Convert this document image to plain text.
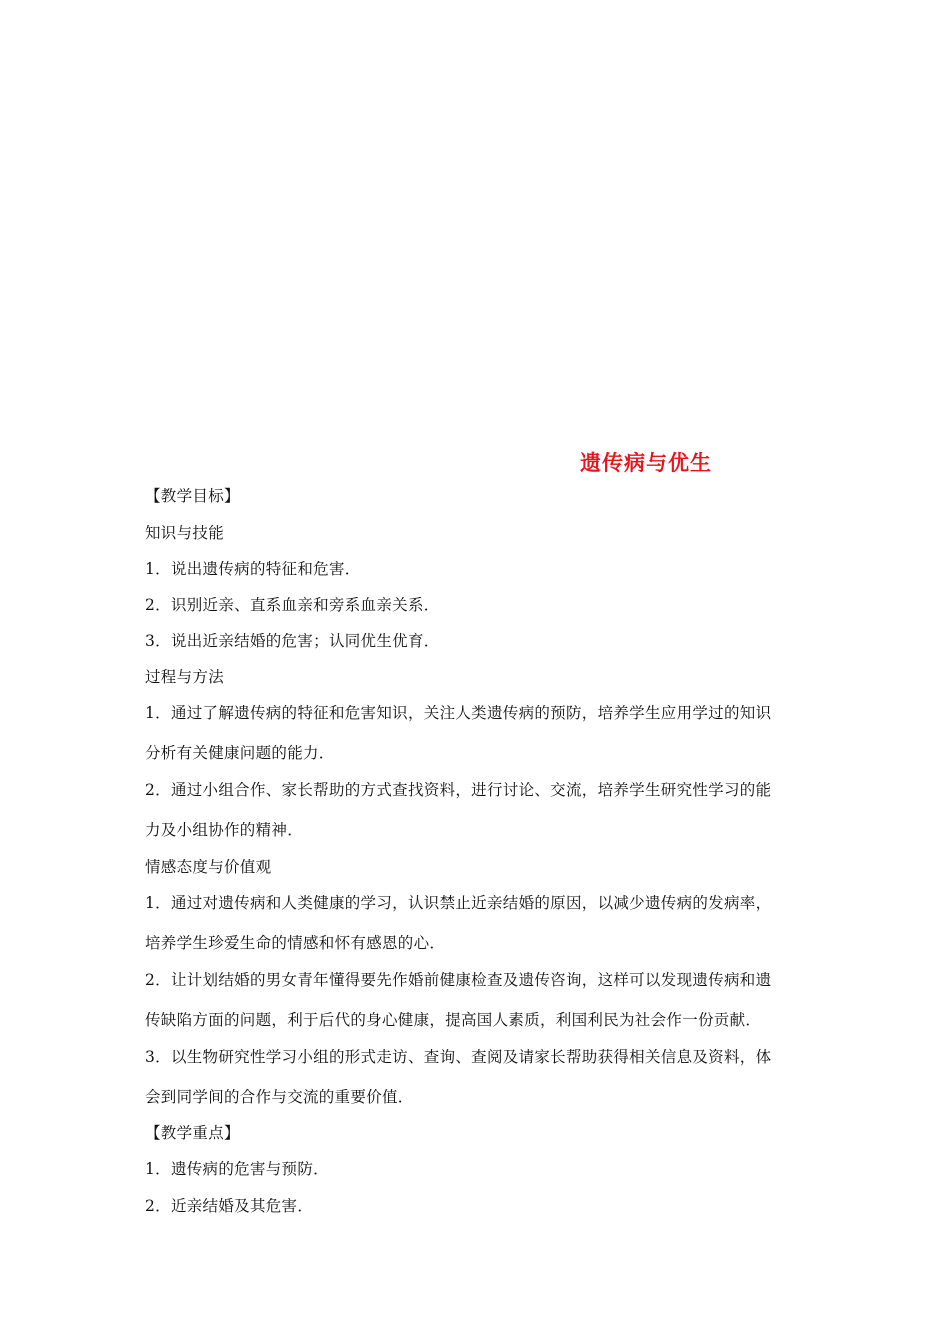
遗传病与优生
【教学目标】
知识与技能
1．说出遗传病的特征和危害．
2．识别近亲、直系血亲和旁系血亲关系．
3．说出近亲结婚的危害；认同优生优育．
过程与方法
1．通过了解遗传病的特征和危害知识，关注人类遗传病的预防，培养学生应用学过的知识
分析有关健康问题的能力．
2．通过小组合作、家长帮助的方式查找资料，进行讨论、交流，培养学生研究性学习的能
力及小组协作的精神．
情感态度与价值观
1．通过对遗传病和人类健康的学习，认识禁止近亲结婚的原因，以减少遗传病的发病率，
培养学生珍爱生命的情感和怀有感恩的心．
2．让计划结婚的男女青年懂得要先作婚前健康检查及遗传咨询，这样可以发现遗传病和遗
传缺陷方面的问题，利于后代的身心健康，提高国人素质，利国利民为社会作一份贡献．
3．以生物研究性学习小组的形式走访、查询、查阅及请家长帮助获得相关信息及资料，体
会到同学间的合作与交流的重要价值．
【教学重点】
1．遗传病的危害与预防．
2．近亲结婚及其危害．
